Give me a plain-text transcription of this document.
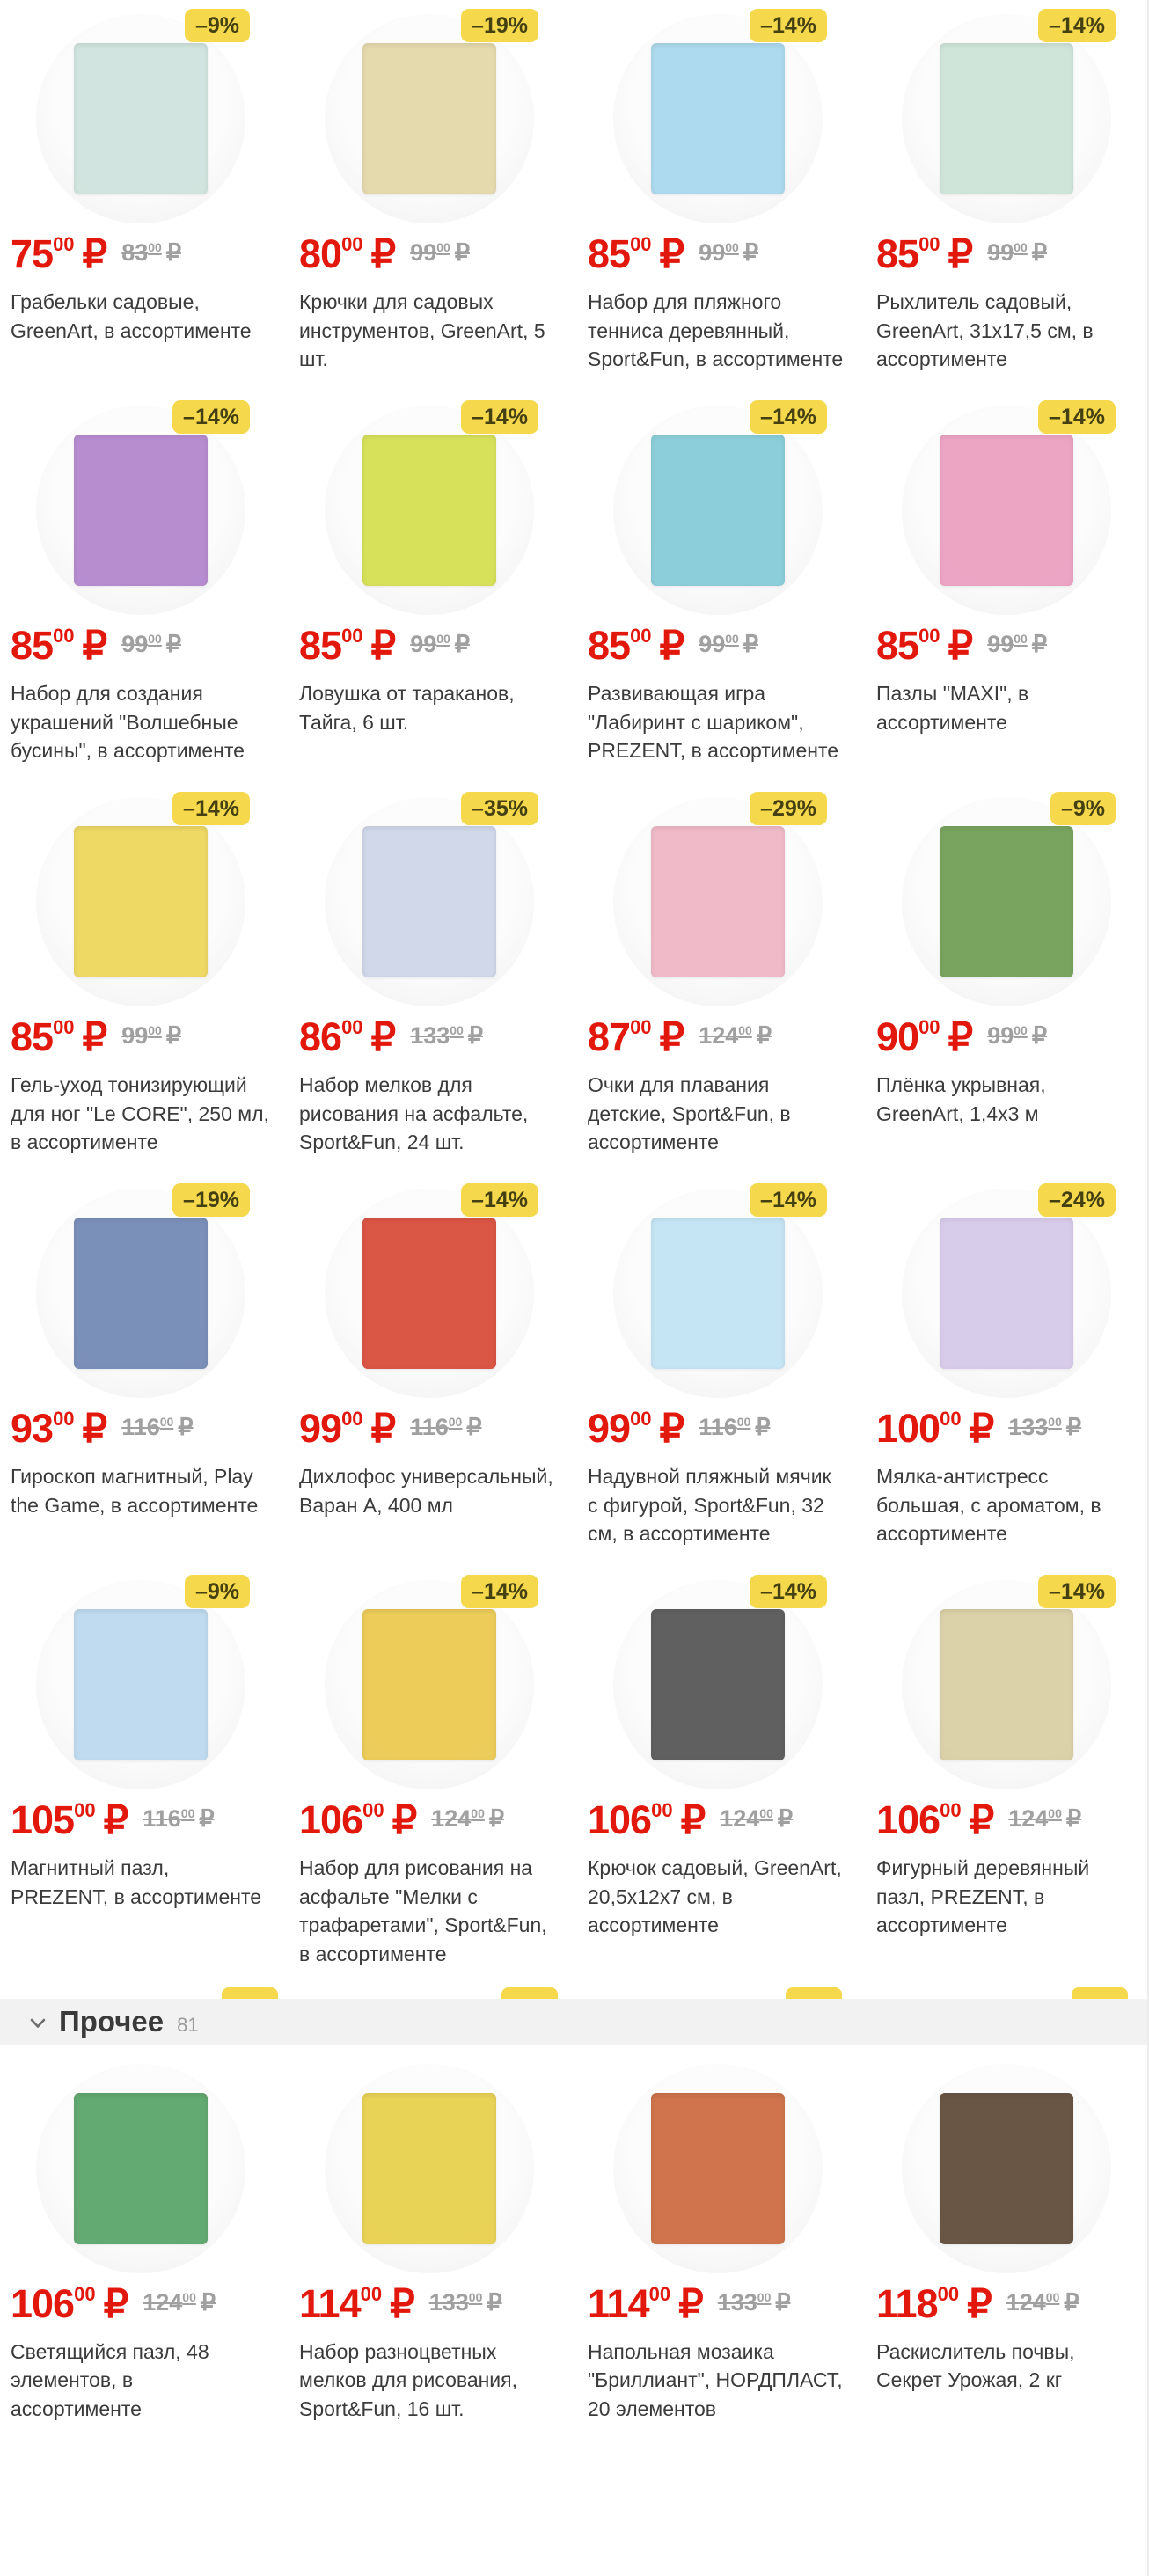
–9%
$75^{00}$ ₽ $83^{00}$ ₽
Грабельки садовые, GreenArt, в ассортименте
–19%
$80^{00}$ ₽ $99^{00}$ ₽
Крючки для садовых инструментов, GreenArt, 5 шт.
–14%
$85^{00}$ ₽ $99^{00}$ ₽
Набор для пляжного тенниса деревянный, Sport&Fun, в ассортименте
–14%
$85^{00}$ ₽ $99^{00}$ ₽
Рыхлитель садовый, GreenArt, 31х17,5 см, в ассортименте
–14%
$85^{00}$ ₽ $99^{00}$ ₽
Набор для создания украшений "Волшебные бусины", в ассортименте
–14%
$85^{00}$ ₽ $99^{00}$ ₽
Ловушка от тараканов, Тайга, 6 шт.
–14%
$85^{00}$ ₽ $99^{00}$ ₽
Развивающая игра "Лабиринт с шариком", PREZENT, в ассортименте
–14%
$85^{00}$ ₽ $99^{00}$ ₽
Пазлы "MAXI", в ассортименте
–14%
$85^{00}$ ₽ $99^{00}$ ₽
Гель-уход тонизирующий для ног "Le CORE", 250 мл, в ассортименте
–35%
$86^{00}$ ₽ $133^{00}$ ₽
Набор мелков для рисования на асфальте, Sport&Fun, 24 шт.
–29%
$87^{00}$ ₽ $124^{00}$ ₽
Очки для плавания детские, Sport&Fun, в ассортименте
–9%
$90^{00}$ ₽ $99^{00}$ ₽
Плёнка укрывная, GreenArt, 1,4х3 м
–19%
$93^{00}$ ₽ $116^{00}$ ₽
Гироскоп магнитный, Play the Game, в ассортименте
–14%
$99^{00}$ ₽ $116^{00}$ ₽
Дихлофос универсальный, Варан А, 400 мл
–14%
$99^{00}$ ₽ $116^{00}$ ₽
Надувной пляжный мячик с фигурой, Sport&Fun, 32 см, в ассортименте
–24%
$100^{00}$ ₽ $133^{00}$ ₽
Мялка-антистресс большая, с ароматом, в ассортименте
–9%
$105^{00}$ ₽ $116^{00}$ ₽
Магнитный пазл, PREZENT, в ассортименте
–14%
$106^{00}$ ₽ $124^{00}$ ₽
Набор для рисования на асфальте "Мелки с трафаретами", Sport&Fun, в ассортименте
–14%
$106^{00}$ ₽ $124^{00}$ ₽
Крючок садовый, GreenArt, 20,5х12х7 см, в ассортименте
–14%
$106^{00}$ ₽ $124^{00}$ ₽
Фигурный деревянный пазл, PREZENT, в ассортименте
Прочее 81
$106^{00}$ ₽ $124^{00}$ ₽
Светящийся пазл, 48 элементов, в ассортименте
$114^{00}$ ₽ $133^{00}$ ₽
Набор разноцветных мелков для рисования, Sport&Fun, 16 шт.
$114^{00}$ ₽ $133^{00}$ ₽
Напольная мозаика "Бриллиант", НОРДПЛАСТ, 20 элементов
$118^{00}$ ₽ $124^{00}$ ₽
Раскислитель почвы, Секрет Урожая, 2 кг
